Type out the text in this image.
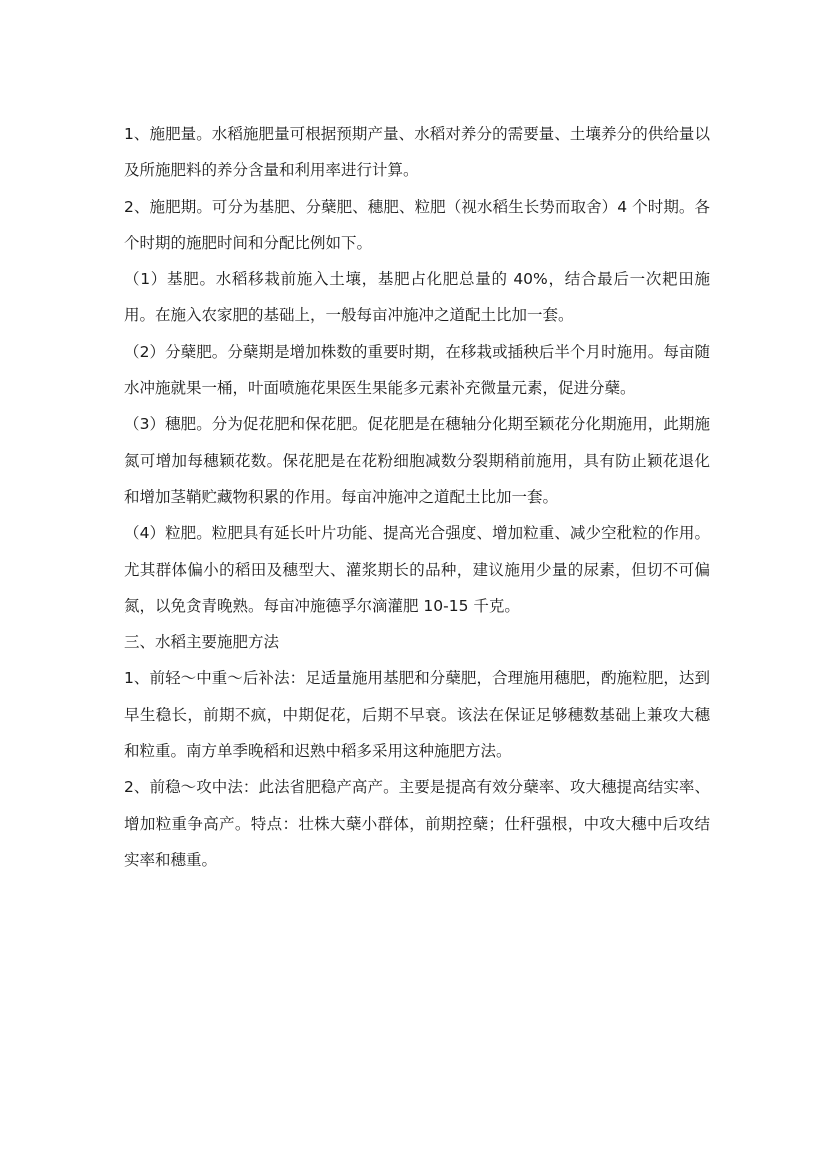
1、施肥量。水稻施肥量可根据预期产量、水稻对养分的需要量、土壤养分的供给量以及所施肥料的养分含量和利用率进行计算。

2、施肥期。可分为基肥、分蘖肥、穗肥、粒肥（视水稻生长势而取舍）4 个时期。各个时期的施肥时间和分配比例如下。

（1）基肥。水稻移栽前施入土壤，基肥占化肥总量的 40%，结合最后一次耙田施用。在施入农家肥的基础上，一般每亩冲施冲之道配土比加一套。

（2）分蘖肥。分蘖期是增加株数的重要时期，在移栽或插秧后半个月时施用。每亩随水冲施就果一桶，叶面喷施花果医生果能多元素补充微量元素，促进分蘖。

（3）穗肥。分为促花肥和保花肥。促花肥是在穗轴分化期至颖花分化期施用，此期施氮可增加每穗颖花数。保花肥是在花粉细胞减数分裂期稍前施用，具有防止颖花退化和增加茎鞘贮藏物积累的作用。每亩冲施冲之道配土比加一套。

（4）粒肥。粒肥具有延长叶片功能、提高光合强度、增加粒重、减少空秕粒的作用。尤其群体偏小的稻田及穗型大、灌浆期长的品种，建议施用少量的尿素，但切不可偏氮，以免贪青晚熟。每亩冲施德孚尔滴灌肥 10-15 千克。

三、水稻主要施肥方法

1、前轻～中重～后补法：足适量施用基肥和分蘖肥，合理施用穗肥，酌施粒肥，达到早生稳长，前期不疯，中期促花，后期不早衰。该法在保证足够穗数基础上兼攻大穗和粒重。南方单季晚稻和迟熟中稻多采用这种施肥方法。

2、前稳～攻中法：此法省肥稳产高产。主要是提高有效分蘖率、攻大穗提高结实率、增加粒重争高产。特点：壮株大蘖小群体，前期控蘖；仕秆强根，中攻大穗中后攻结实率和穗重。
